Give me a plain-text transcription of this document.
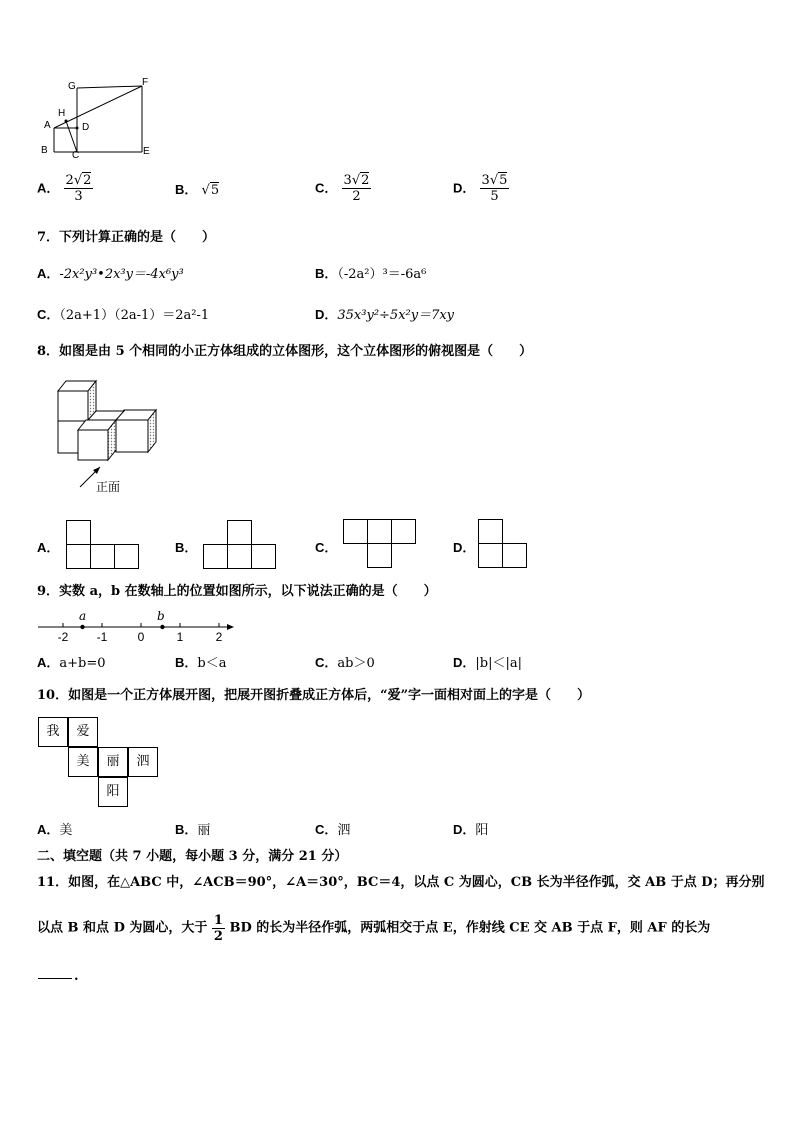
G	F
H
A	D
B C	E
A． $\frac{2√2}{3}$	B． √5	C． $\frac{3√2}{2}$	D． $\frac{3√5}{5}$
7．下列计算正确的是（　　）
A．-2x²y³•2x³y＝-4x⁶y³	B．（-2a²）³＝-6a⁶
C．（2a+1）（2a-1）＝2a²-1	D．35x³y²÷5x²y＝7xy
8．如图是由 5 个相同的小正方体组成的立体图形，这个立体图形的俯视图是（　　）
正面
A．	B．	C．	D．
9．实数 a，b 在数轴上的位置如图所示，以下说法正确的是（　　）
-2 -1	0	1	2
a	b
A．a+b=0	B．b＜a	C．ab＞0	D．|b|＜|a|
10．如图是一个正方体展开图，把展开图折叠成正方体后，“爱”字一面相对面上的字是（　　）
我	爱
美	丽	泗
阳
A．美	B．丽	C．泗	D．阳
二、填空题（共 7 小题，每小题 3 分，满分 21 分）
11．如图，在△ABC 中，∠ACB＝90°，∠A＝30°，BC＝4，以点 C 为圆心，CB 长为半径作弧，交 AB 于点 D；再分别
以点 B 和点 D 为圆心，大于 $\frac{1}{2}$ BD 的长为半径作弧，两弧相交于点 E，作射线 CE 交 AB 于点 F，则 AF 的长为
.
